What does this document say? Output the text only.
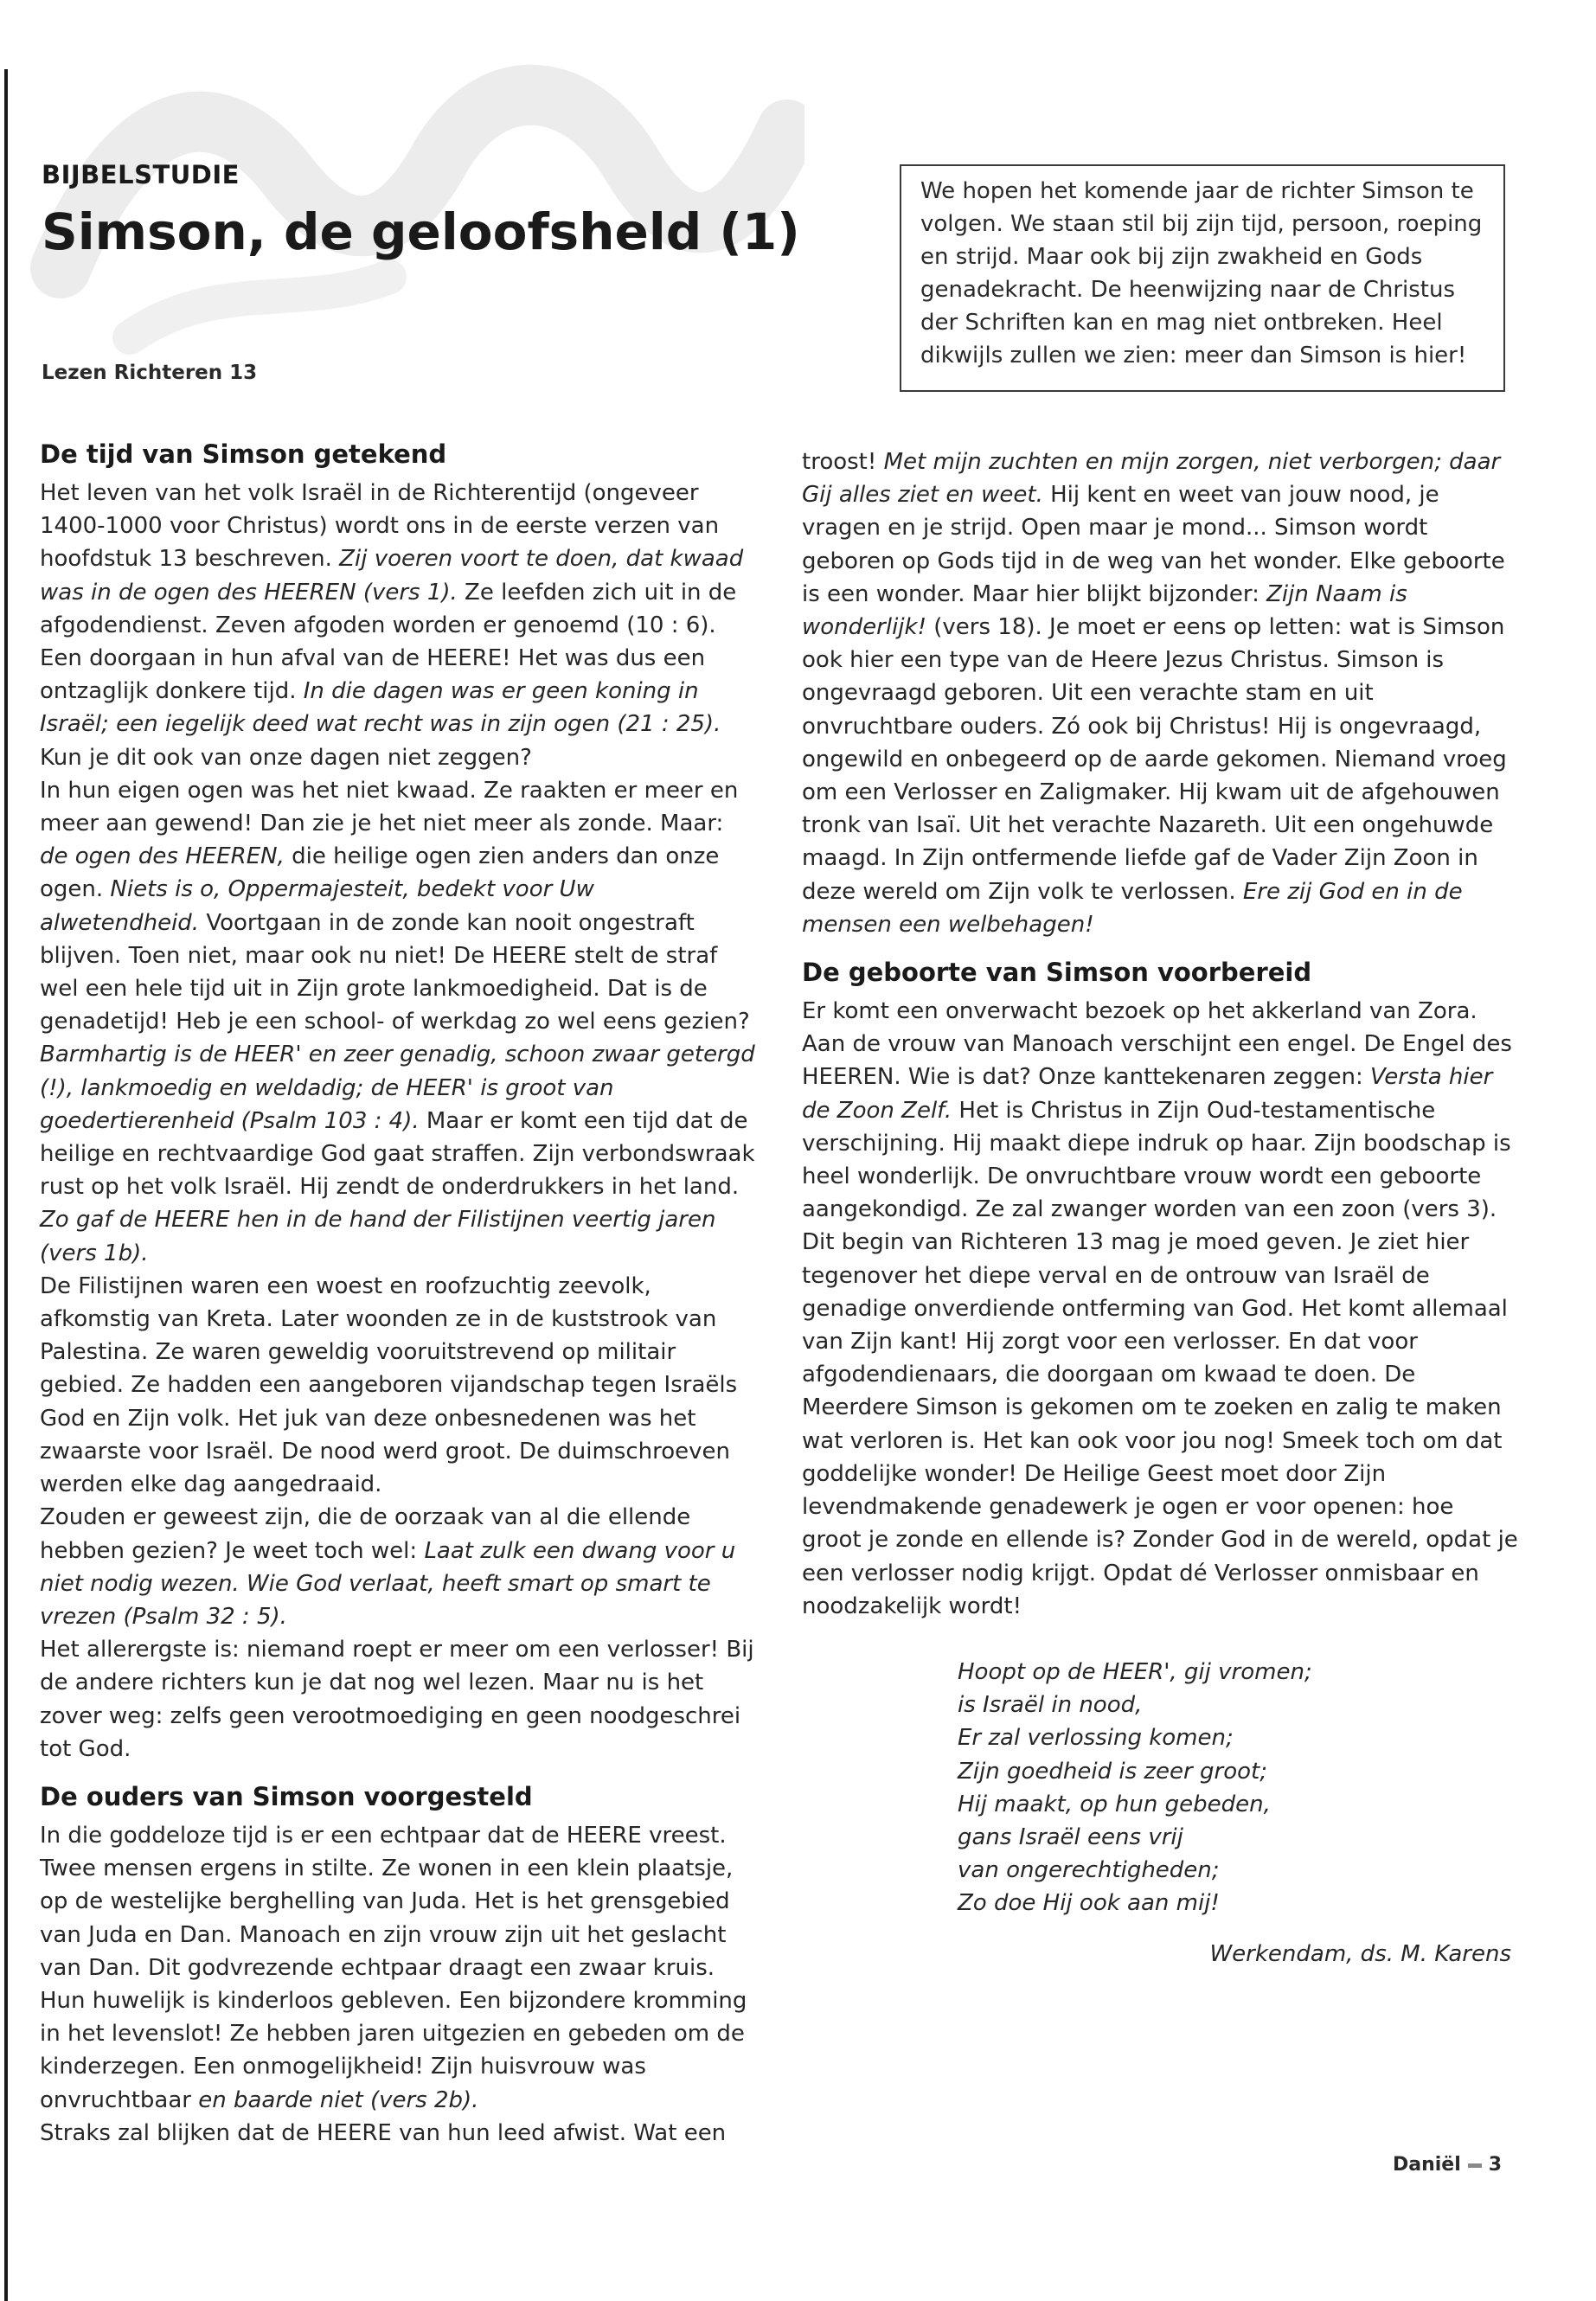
BIJBELSTUDIE

Simson, de geloofsheld (1)

Lezen Richteren 13

We hopen het komende jaar de richter Simson te volgen. We staan stil bij zijn tijd, persoon, roeping en strijd. Maar ook bij zijn zwakheid en Gods genadekracht. De heenwijzing naar de Christus der Schriften kan en mag niet ontbreken. Heel dikwijls zullen we zien: meer dan Simson is hier!
De tijd van Simson getekend

Het leven van het volk Israël in de Richterentijd (ongeveer 1400-1000 voor Christus) wordt ons in de eerste verzen van hoofdstuk 13 beschreven. Zij voeren voort te doen, dat kwaad was in de ogen des HEEREN (vers 1). Ze leefden zich uit in de afgodendienst. Zeven afgoden worden er genoemd (10 : 6). Een doorgaan in hun afval van de HEERE! Het was dus een ontzaglijk donkere tijd. In die dagen was er geen koning in Israël; een iegelijk deed wat recht was in zijn ogen (21 : 25). Kun je dit ook van onze dagen niet zeggen?

In hun eigen ogen was het niet kwaad. Ze raakten er meer en meer aan gewend! Dan zie je het niet meer als zonde. Maar: de ogen des HEEREN, die heilige ogen zien anders dan onze ogen. Niets is o, Oppermajesteit, bedekt voor Uw alwetendheid. Voortgaan in de zonde kan nooit ongestraft blijven. Toen niet, maar ook nu niet! De HEERE stelt de straf wel een hele tijd uit in Zijn grote lankmoedigheid. Dat is de genadetijd! Heb je een school- of werkdag zo wel eens gezien? Barmhartig is de HEER' en zeer genadig, schoon zwaar getergd (!), lankmoedig en weldadig; de HEER' is groot van goedertierenheid (Psalm 103 : 4). Maar er komt een tijd dat de heilige en rechtvaardige God gaat straffen. Zijn verbondswraak rust op het volk Israël. Hij zendt de onderdrukkers in het land. Zo gaf de HEERE hen in de hand der Filistijnen veertig jaren (vers 1b).

De Filistijnen waren een woest en roofzuchtig zeevolk, afkomstig van Kreta. Later woonden ze in de kuststrook van Palestina. Ze waren geweldig vooruitstrevend op militair gebied. Ze hadden een aangeboren vijandschap tegen Israëls God en Zijn volk. Het juk van deze onbesnedenen was het zwaarste voor Israël. De nood werd groot. De duimschroeven werden elke dag aangedraaid.

Zouden er geweest zijn, die de oorzaak van al die ellende hebben gezien? Je weet toch wel: Laat zulk een dwang voor u niet nodig wezen. Wie God verlaat, heeft smart op smart te vrezen (Psalm 32 : 5).

Het allerergste is: niemand roept er meer om een verlosser! Bij de andere richters kun je dat nog wel lezen. Maar nu is het zover weg: zelfs geen verootmoediging en geen noodgeschrei tot God.

De ouders van Simson voorgesteld

In die goddeloze tijd is er een echtpaar dat de HEERE vreest. Twee mensen ergens in stilte. Ze wonen in een klein plaatsje, op de westelijke berghelling van Juda. Het is het grensgebied van Juda en Dan. Manoach en zijn vrouw zijn uit het geslacht van Dan. Dit godvrezende echtpaar draagt een zwaar kruis. Hun huwelijk is kinderloos gebleven. Een bijzondere kromming in het levenslot! Ze hebben jaren uitgezien en gebeden om de kinderzegen. Een onmogelijkheid! Zijn huisvrouw was onvruchtbaar en baarde niet (vers 2b).

Straks zal blijken dat de HEERE van hun leed afwist. Wat een

troost! Met mijn zuchten en mijn zorgen, niet verborgen; daar Gij alles ziet en weet. Hij kent en weet van jouw nood, je vragen en je strijd. Open maar je mond... Simson wordt geboren op Gods tijd in de weg van het wonder. Elke geboorte is een wonder. Maar hier blijkt bijzonder: Zijn Naam is wonderlijk! (vers 18). Je moet er eens op letten: wat is Simson ook hier een type van de Heere Jezus Christus. Simson is ongevraagd geboren. Uit een verachte stam en uit onvruchtbare ouders. Zó ook bij Christus! Hij is ongevraagd, ongewild en onbegeerd op de aarde gekomen. Niemand vroeg om een Verlosser en Zaligmaker. Hij kwam uit de afgehouwen tronk van Isaï. Uit het verachte Nazareth. Uit een ongehuwde maagd. In Zijn ontfermende liefde gaf de Vader Zijn Zoon in deze wereld om Zijn volk te verlossen. Ere zij God en in de mensen een welbehagen!

De geboorte van Simson voorbereid

Er komt een onverwacht bezoek op het akkerland van Zora. Aan de vrouw van Manoach verschijnt een engel. De Engel des HEEREN. Wie is dat? Onze kanttekenaren zeggen: Versta hier de Zoon Zelf. Het is Christus in Zijn Oud-testamentische verschijning. Hij maakt diepe indruk op haar. Zijn boodschap is heel wonderlijk. De onvruchtbare vrouw wordt een geboorte aangekondigd. Ze zal zwanger worden van een zoon (vers 3). Dit begin van Richteren 13 mag je moed geven. Je ziet hier tegenover het diepe verval en de ontrouw van Israël de genadige onverdiende ontferming van God. Het komt allemaal van Zijn kant! Hij zorgt voor een verlosser. En dat voor afgodendienaars, die doorgaan om kwaad te doen. De Meerdere Simson is gekomen om te zoeken en zalig te maken wat verloren is. Het kan ook voor jou nog! Smeek toch om dat goddelijke wonder! De Heilige Geest moet door Zijn levendmakende genadewerk je ogen er voor openen: hoe groot je zonde en ellende is? Zonder God in de wereld, opdat je een verlosser nodig krijgt. Opdat dé Verlosser onmisbaar en noodzakelijk wordt!

Hoopt op de HEER', gij vromen;
is Israël in nood,
Er zal verlossing komen;
Zijn goedheid is zeer groot;
Hij maakt, op hun gebeden,
gans Israël eens vrij
van ongerechtigheden;
Zo doe Hij ook aan mij!
Werkendam, ds. M. Karens
Daniël 3
